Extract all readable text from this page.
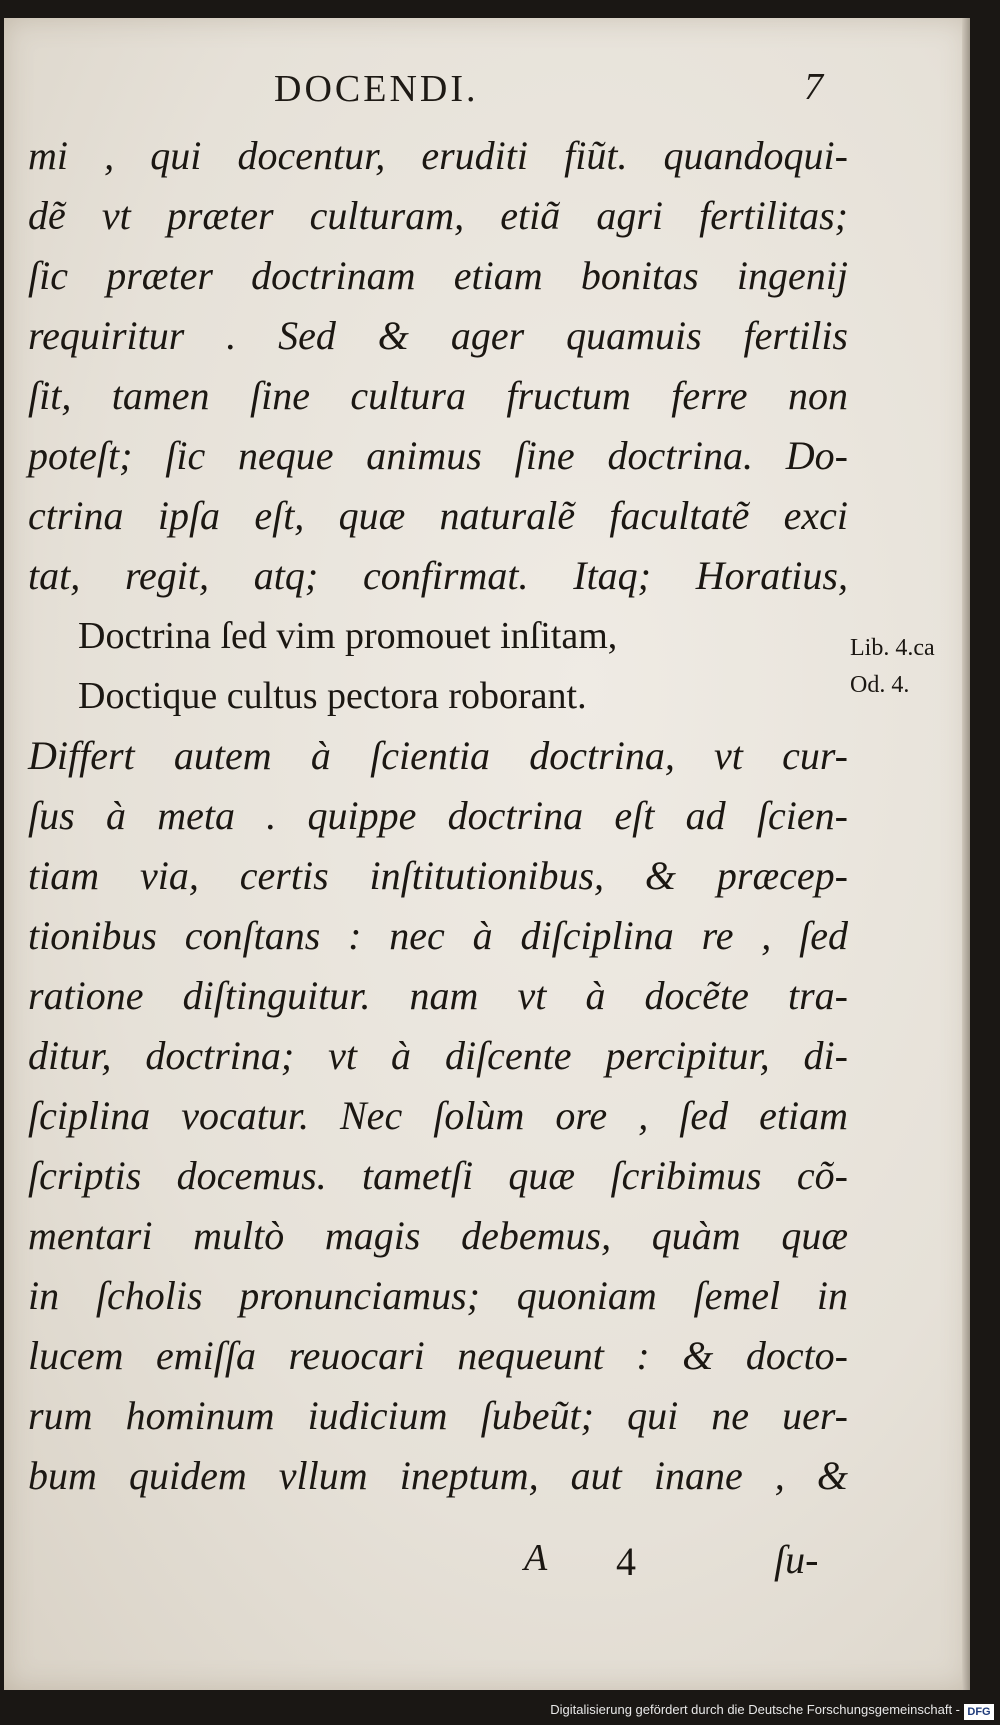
DOCENDI.	7
mi , qui docentur, eruditi fiũt. quandoqui-
dẽ vt præter culturam, etiã agri fertilitas;
ſic præter doctrinam etiam bonitas ingenij
requiritur . Sed & ager quamuis fertilis
ſit, tamen ſine cultura fructum ferre non
poteſt; ſic neque animus ſine doctrina. Do-
ctrina ipſa eſt, quæ naturalẽ facultatẽ exci
tat, regit, atq; confirmat. Itaq; Horatius,
Doctrina ſed vim promouet inſitam,
Doctique cultus pectora roborant.
Differt autem à ſcientia doctrina, vt cur-
ſus à meta . quippe doctrina eſt ad ſcien-
tiam via, certis inſtitutionibus, & præcep-
tionibus conſtans : nec à diſciplina re , ſed
ratione diſtinguitur. nam vt à docẽte tra-
ditur, doctrina; vt à diſcente percipitur, di-
ſciplina vocatur. Nec ſolùm ore , ſed etiam
ſcriptis docemus. tametſi quæ ſcribimus cõ-
mentari multò magis debemus, quàm quæ
in ſcholis pronunciamus; quoniam ſemel in
lucem emiſſa reuocari nequeunt : & docto-
rum hominum iudicium ſubeũt; qui ne uer-
bum quidem vllum ineptum, aut inane , &
Lib. 4.ca
Od. 4.
A 4	ſu-
Digitalisierung gefördert durch die Deutsche Forschungsgemeinschaft - DFG
